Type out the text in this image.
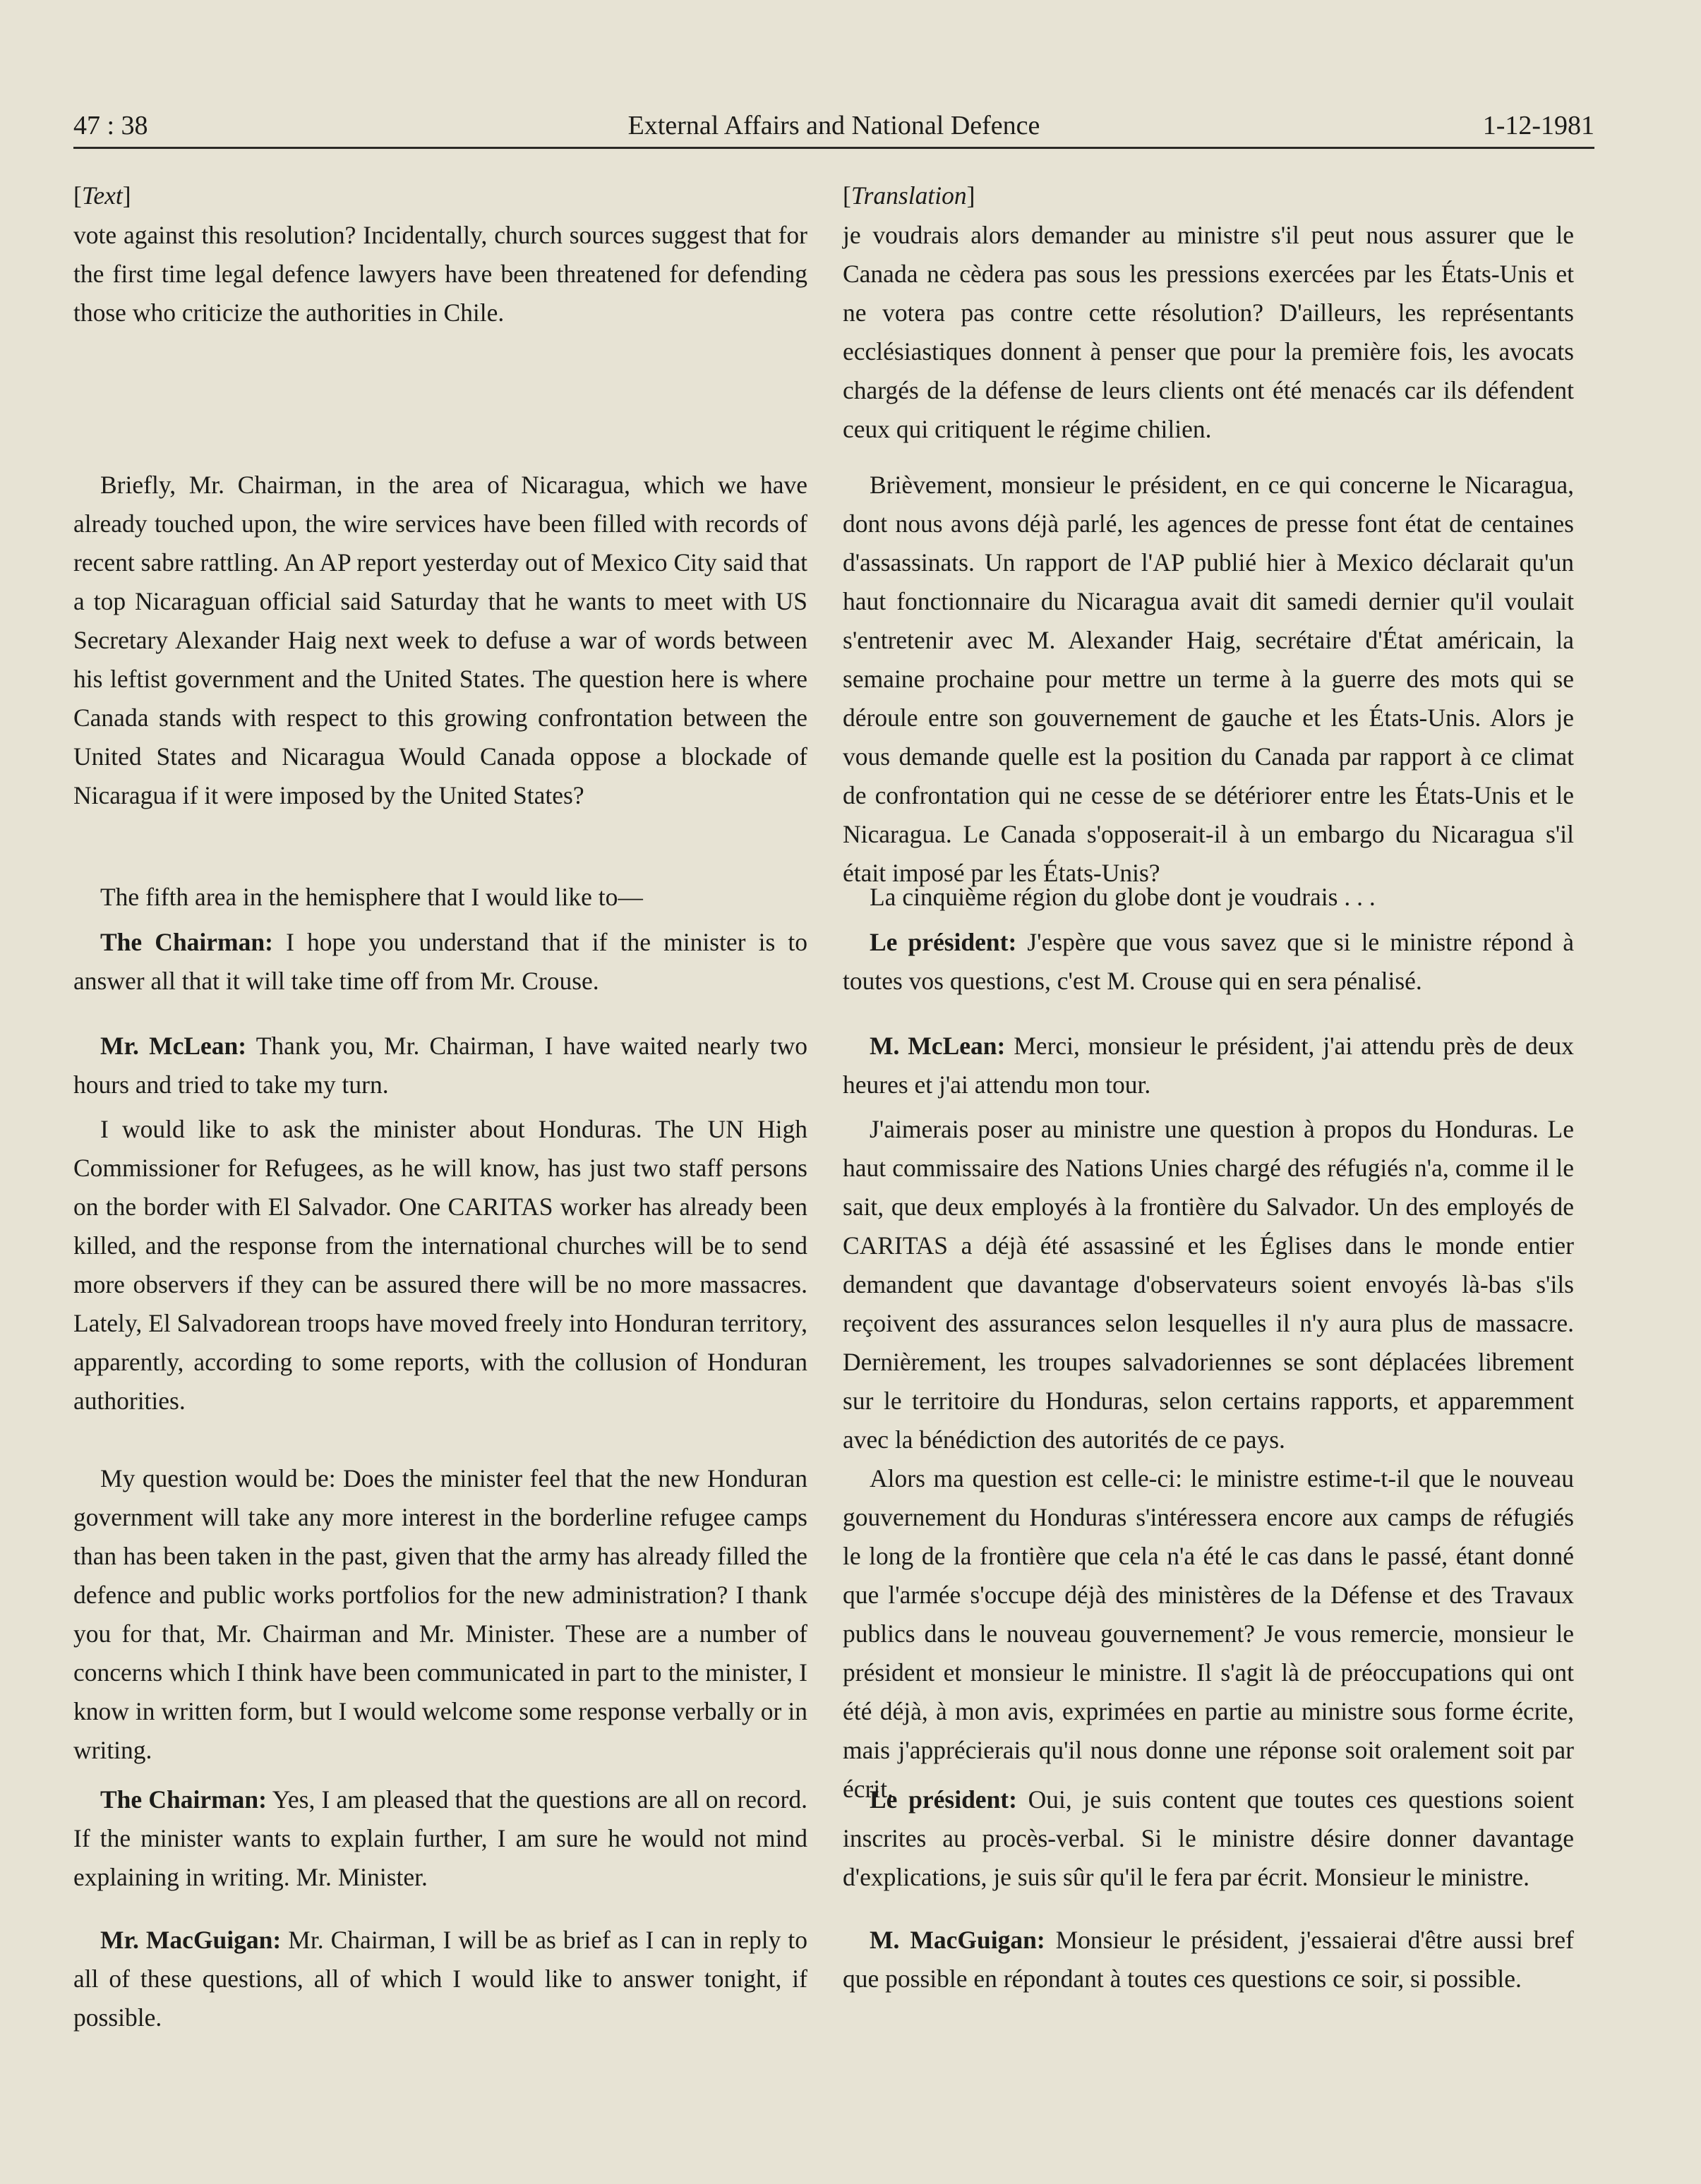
47 : 38	External Affairs and National Defence	1-12-1981

[Text]

vote against this resolution? Incidentally, church sources suggest that for the first time legal defence lawyers have been threatened for defending those who criticize the authorities in Chile.

Briefly, Mr. Chairman, in the area of Nicaragua, which we have already touched upon, the wire services have been filled with records of recent sabre rattling. An AP report yesterday out of Mexico City said that a top Nicaraguan official said Saturday that he wants to meet with US Secretary Alexander Haig next week to defuse a war of words between his leftist government and the United States. The question here is where Canada stands with respect to this growing confrontation between the United States and Nicaragua Would Canada oppose a blockade of Nicaragua if it were imposed by the United States?

The fifth area in the hemisphere that I would like to—

The Chairman: I hope you understand that if the minister is to answer all that it will take time off from Mr. Crouse.

Mr. McLean: Thank you, Mr. Chairman, I have waited nearly two hours and tried to take my turn.

I would like to ask the minister about Honduras. The UN High Commissioner for Refugees, as he will know, has just two staff persons on the border with El Salvador. One CARITAS worker has already been killed, and the response from the international churches will be to send more observers if they can be assured there will be no more massacres. Lately, El Salvadorean troops have moved freely into Honduran territory, apparently, according to some reports, with the collusion of Honduran authorities.

My question would be: Does the minister feel that the new Honduran government will take any more interest in the borderline refugee camps than has been taken in the past, given that the army has already filled the defence and public works portfolios for the new administration? I thank you for that, Mr. Chairman and Mr. Minister. These are a number of concerns which I think have been communicated in part to the minister, I know in written form, but I would welcome some response verbally or in writing.

The Chairman: Yes, I am pleased that the questions are all on record. If the minister wants to explain further, I am sure he would not mind explaining in writing. Mr. Minister.

Mr. MacGuigan: Mr. Chairman, I will be as brief as I can in reply to all of these questions, all of which I would like to answer tonight, if possible.

[Translation]

je voudrais alors demander au ministre s'il peut nous assurer que le Canada ne cèdera pas sous les pressions exercées par les États-Unis et ne votera pas contre cette résolution? D'ailleurs, les représentants ecclésiastiques donnent à penser que pour la première fois, les avocats chargés de la défense de leurs clients ont été menacés car ils défendent ceux qui critiquent le régime chilien.

Brièvement, monsieur le président, en ce qui concerne le Nicaragua, dont nous avons déjà parlé, les agences de presse font état de centaines d'assassinats. Un rapport de l'AP publié hier à Mexico déclarait qu'un haut fonctionnaire du Nicaragua avait dit samedi dernier qu'il voulait s'entretenir avec M. Alexander Haig, secrétaire d'État américain, la semaine prochaine pour mettre un terme à la guerre des mots qui se déroule entre son gouvernement de gauche et les États-Unis. Alors je vous demande quelle est la position du Canada par rapport à ce climat de confrontation qui ne cesse de se détériorer entre les États-Unis et le Nicaragua. Le Canada s'opposerait-il à un embargo du Nicaragua s'il était imposé par les États-Unis?

La cinquième région du globe dont je voudrais . . .

Le président: J'espère que vous savez que si le ministre répond à toutes vos questions, c'est M. Crouse qui en sera pénalisé.

M. McLean: Merci, monsieur le président, j'ai attendu près de deux heures et j'ai attendu mon tour.

J'aimerais poser au ministre une question à propos du Honduras. Le haut commissaire des Nations Unies chargé des réfugiés n'a, comme il le sait, que deux employés à la frontière du Salvador. Un des employés de CARITAS a déjà été assassiné et les Églises dans le monde entier demandent que davantage d'observateurs soient envoyés là-bas s'ils reçoivent des assurances selon lesquelles il n'y aura plus de massacre. Dernièrement, les troupes salvadoriennes se sont déplacées librement sur le territoire du Honduras, selon certains rapports, et apparemment avec la bénédiction des autorités de ce pays.

Alors ma question est celle-ci: le ministre estime-t-il que le nouveau gouvernement du Honduras s'intéressera encore aux camps de réfugiés le long de la frontière que cela n'a été le cas dans le passé, étant donné que l'armée s'occupe déjà des ministères de la Défense et des Travaux publics dans le nouveau gouvernement? Je vous remercie, monsieur le président et monsieur le ministre. Il s'agit là de préoccupations qui ont été déjà, à mon avis, exprimées en partie au ministre sous forme écrite, mais j'apprécierais qu'il nous donne une réponse soit oralement soit par écrit.

Le président: Oui, je suis content que toutes ces questions soient inscrites au procès-verbal. Si le ministre désire donner davantage d'explications, je suis sûr qu'il le fera par écrit. Monsieur le ministre.

M. MacGuigan: Monsieur le président, j'essaierai d'être aussi bref que possible en répondant à toutes ces questions ce soir, si possible.
